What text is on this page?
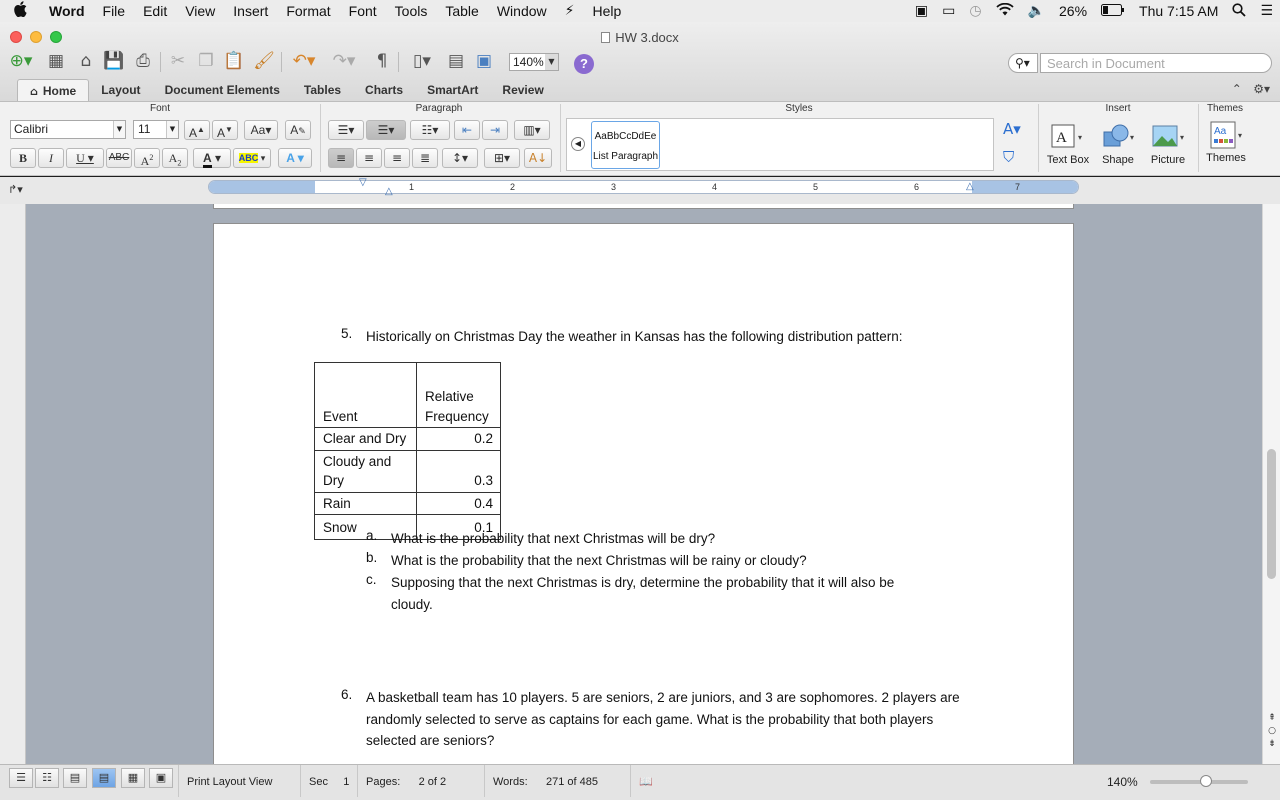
Word	File	Edit	View	Insert	Format	Font	Tools	Table	Window	⚡	Help	▣ ▭ ◷	🔈 26%	Thu 7:15 AM	☰
HW 3.docx
⊕▾ ▦ ⌂ 💾 ⎙	✂ ❐ 📋 🖌	↶▾	↷▾	¶	▯▾	▤ ▣	140% ▼	?	⚲▾
Search in Document
⌂ Home	Layout	Document Elements	Tables	Charts	SmartArt	Review	⌃ ⚙▾
Font
Calibri	▼	11	▼	A▲	A▼	Aa▾	A✎
B	I	U ▾	ABC $A^2$	$A_2$	A ▾	ABC ▾	A ▾
Paragraph
☰▾	☰▾	☷▾	⇤	⇥	▥▾
≡	≡	≡	≣	↕▾	⊞▾	A↓
Styles
◀
AaBbCcDdEe
List Paragraph
A▾
⛉
Insert
A ▾
Text Box
▾
Shape
▾
Picture
Themes
Aa ▾
Themes
↱▾	1	2	3	4	5	6	7
▽
△	△
5. Historically on Christmas Day the weather in Kansas has the following distribution pattern:
Event	Relative Frequency

Clear and Dry	0.2

Cloudy and Dry	0.3
Rain	0.4
Snow	0.1
a. What is the probability that next Christmas will be dry?
b. What is the probability that the next Christmas will be rainy or cloudy?
c. Supposing that the next Christmas is dry, determine the probability that it will also be cloudy.
6. A basketball team has 10 players. 5 are seniors, 2 are juniors, and 3 are sophomores. 2 players are randomly selected to serve as captains for each game. What is the probability that both players selected are seniors?
⇞
○
⇟
☰	☷	▤	▤	▦	▣	Print Layout View	Sec 1	Pages: 2 of 2	Words: 271 of 485	📖	140%
